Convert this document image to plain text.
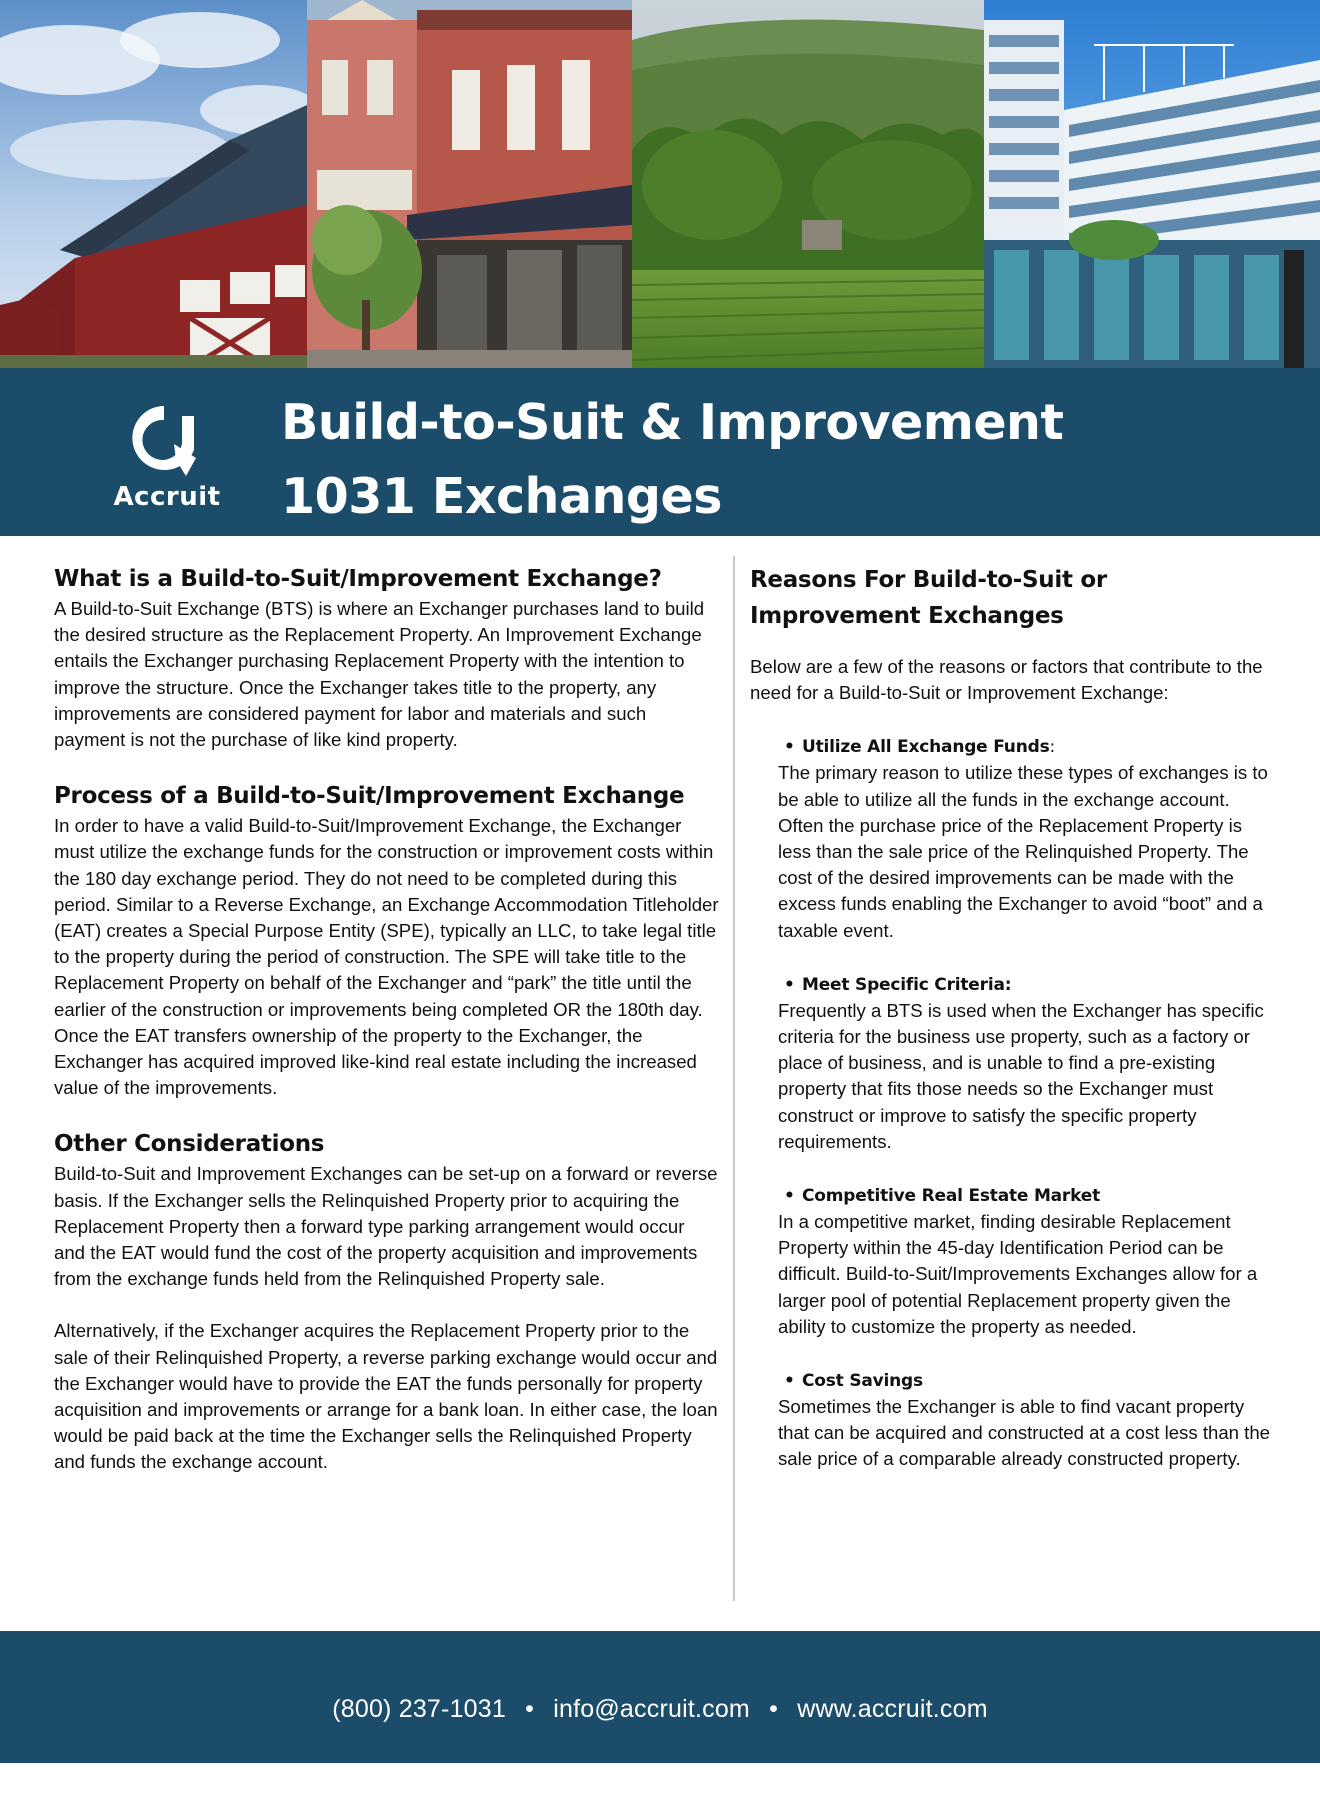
Accruit
Build-to-Suit & Improvement
1031 Exchanges
What is a Build-to-Suit/Improvement Exchange?

A Build-to-Suit Exchange (BTS) is where an Exchanger purchases land to build the desired structure as the Replacement Property. An Improvement Exchange entails the Exchanger purchasing Replacement Property with the intention to improve the structure. Once the Exchanger takes title to the property, any improvements are considered payment for labor and materials and such payment is not the purchase of like kind property.

Process of a Build-to-Suit/Improvement Exchange

In order to have a valid Build-to-Suit/Improvement Exchange, the Exchanger must utilize the exchange funds for the construction or improvement costs within the 180 day exchange period. They do not need to be completed during this period. Similar to a Reverse Exchange, an Exchange Accommodation Titleholder (EAT) creates a Special Purpose Entity (SPE), typically an LLC, to take legal title to the property during the period of construction. The SPE will take title to the Replacement Property on behalf of the Exchanger and “park” the title until the earlier of the construction or improvements being completed OR the 180th day. Once the EAT transfers ownership of the property to the Exchanger, the Exchanger has acquired improved like-kind real estate including the increased value of the improvements.

Other Considerations

Build-to-Suit and Improvement Exchanges can be set-up on a forward or reverse basis. If the Exchanger sells the Relinquished Property prior to acquiring the Replacement Property then a forward type parking arrangement would occur and the EAT would fund the cost of the property acquisition and improvements from the exchange funds held from the Relinquished Property sale.

Alternatively, if the Exchanger acquires the Replacement Property prior to the sale of their Relinquished Property, a reverse parking exchange would occur and the Exchanger would have to provide the EAT the funds personally for property acquisition and improvements or arrange for a bank loan. In either case, the loan would be paid back at the time the Exchanger sells the Relinquished Property and funds the exchange account.

Reasons For Build-to-Suit or
Improvement Exchanges

Below are a few of the reasons or factors that contribute to the need for a Build-to-Suit or Improvement Exchange:

• Utilize All Exchange Funds:

The primary reason to utilize these types of exchanges is to be able to utilize all the funds in the exchange account. Often the purchase price of the Replacement Property is less than the sale price of the Relinquished Property. The cost of the desired improvements can be made with the excess funds enabling the Exchanger to avoid “boot” and a taxable event.

• Meet Specific Criteria:

Frequently a BTS is used when the Exchanger has specific criteria for the business use property, such as a factory or place of business, and is unable to find a pre-existing property that fits those needs so the Exchanger must construct or improve to satisfy the specific property requirements.

• Competitive Real Estate Market

In a competitive market, finding desirable Replacement Property within the 45-day Identification Period can be difficult. Build-to-Suit/Improvements Exchanges allow for a larger pool of potential Replacement property given the ability to customize the property as needed.

• Cost Savings

Sometimes the Exchanger is able to find vacant property that can be acquired and constructed at a cost less than the sale price of a comparable already constructed property.

(800) 237-1031 • info@accruit.com • www.accruit.com
